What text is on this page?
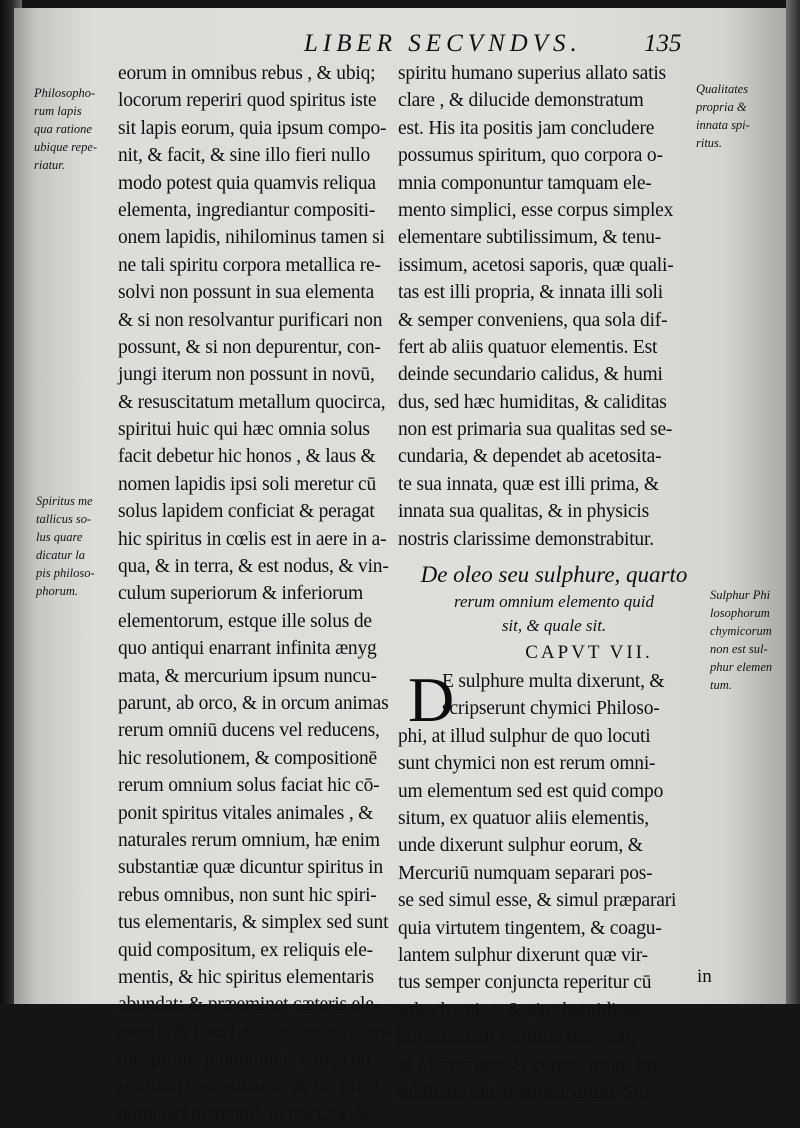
LIBER SECVNDVS. 135
Philosopho-
rum lapis
qua ratione
ubique repe-
riatur.
Spiritus me
tallicus so-
lus quare
dicatur la
pis philoso-
phorum.
eorum in omnibus rebus , & ubiq;
locorum reperiri quod spiritus iste
sit lapis eorum, quia ipsum compo-
nit, & facit, & sine illo fieri nullo
modo potest quia quamvis reliqua
elementa, ingrediantur compositi-
onem lapidis, nihilominus tamen si
ne tali spiritu corpora metallica re-
solvi non possunt in sua elementa
& si non resolvantur purificari non
possunt, & si non depurentur, con-
jungi iterum non possunt in novū,
& resuscitatum metallum quocirca,
spiritui huic qui hæc omnia solus
facit debetur hic honos , & laus &
nomen lapidis ipsi soli meretur cū
solus lapidem conficiat & peragat
hic spiritus in cœlis est in aere in a-
qua, & in terra, & est nodus, & vin-
culum superiorum & inferiorum
elementorum, estque ille solus de
quo antiqui enarrant infinita ænyg
mata, & mercurium ipsum nuncu-
parunt, ab orco, & in orcum animas
rerum omniū ducens vel reducens,
hic resolutionem, & compositionē
rerum omnium solus faciat hic cō-
ponit spiritus vitales animales , &
naturales rerum omnium, hæ enim
substantiæ quæ dicuntur spiritus in
rebus omnibus, non sunt hic spiri-
tus elementaris, & simplex sed sunt
quid compositum, ex reliquis ele-
mentis, & hic spiritus elementaris
abundat: & præeminet cæteris ele-
mentis & ideo hæ substantiæ dicun-
tur spiritus nihilominus tamen nō
spiritum elementarem, & simplicē
nominari merentur, ut tractatu de-
spiritu humano superius allato satis
clare , & dilucide demonstratum
est. His ita positis jam concludere
possumus spiritum, quo corpora o-
mnia componuntur tamquam ele-
mento simplici, esse corpus simplex
elementare subtilissimum, & tenu-
issimum, acetosi saporis, quæ quali-
tas est illi propria, & innata illi soli
& semper conveniens, qua sola dif-
fert ab aliis quatuor elementis. Est
deinde secundario calidus, & humi
dus, sed hæc humiditas, & caliditas
non est primaria sua qualitas sed se-
cundaria, & dependet ab acetosita-
te sua innata, quæ est illi prima, &
innata sua qualitas, & in physicis
nostris clarissime demonstrabitur.
De oleo seu sulphure, quarto
rerum omnium elemento quid
sit, & quale sit.
CAPVT VII.
D
E sulphure multa dixerunt, &
scripserunt chymici Philoso-
phi, at illud sulphur de quo locuti
sunt chymici non est rerum omni-
um elementum sed est quid compo
situm, ex quatuor aliis elementis,
unde dixerunt sulphur eorum, &
Mercuriū numquam separari pos-
se sed simul esse, & simul præparari
quia virtutem tingentem, & coagu-
lantem sulphur dixerunt quæ vir-
tus semper conjuncta reperitur cū
sale chymico, & ejus humiditate,
humiditatem spiritum dixerunt,
& Mercurium, & corpus ipsius hu-
miditatis salem nuncuparunt. Sic
Qualitates
propria &
innata spi-
ritus.
Sulphur Phi
losophorum
chymicorum
non est sul-
phur elemen
tum.
in
